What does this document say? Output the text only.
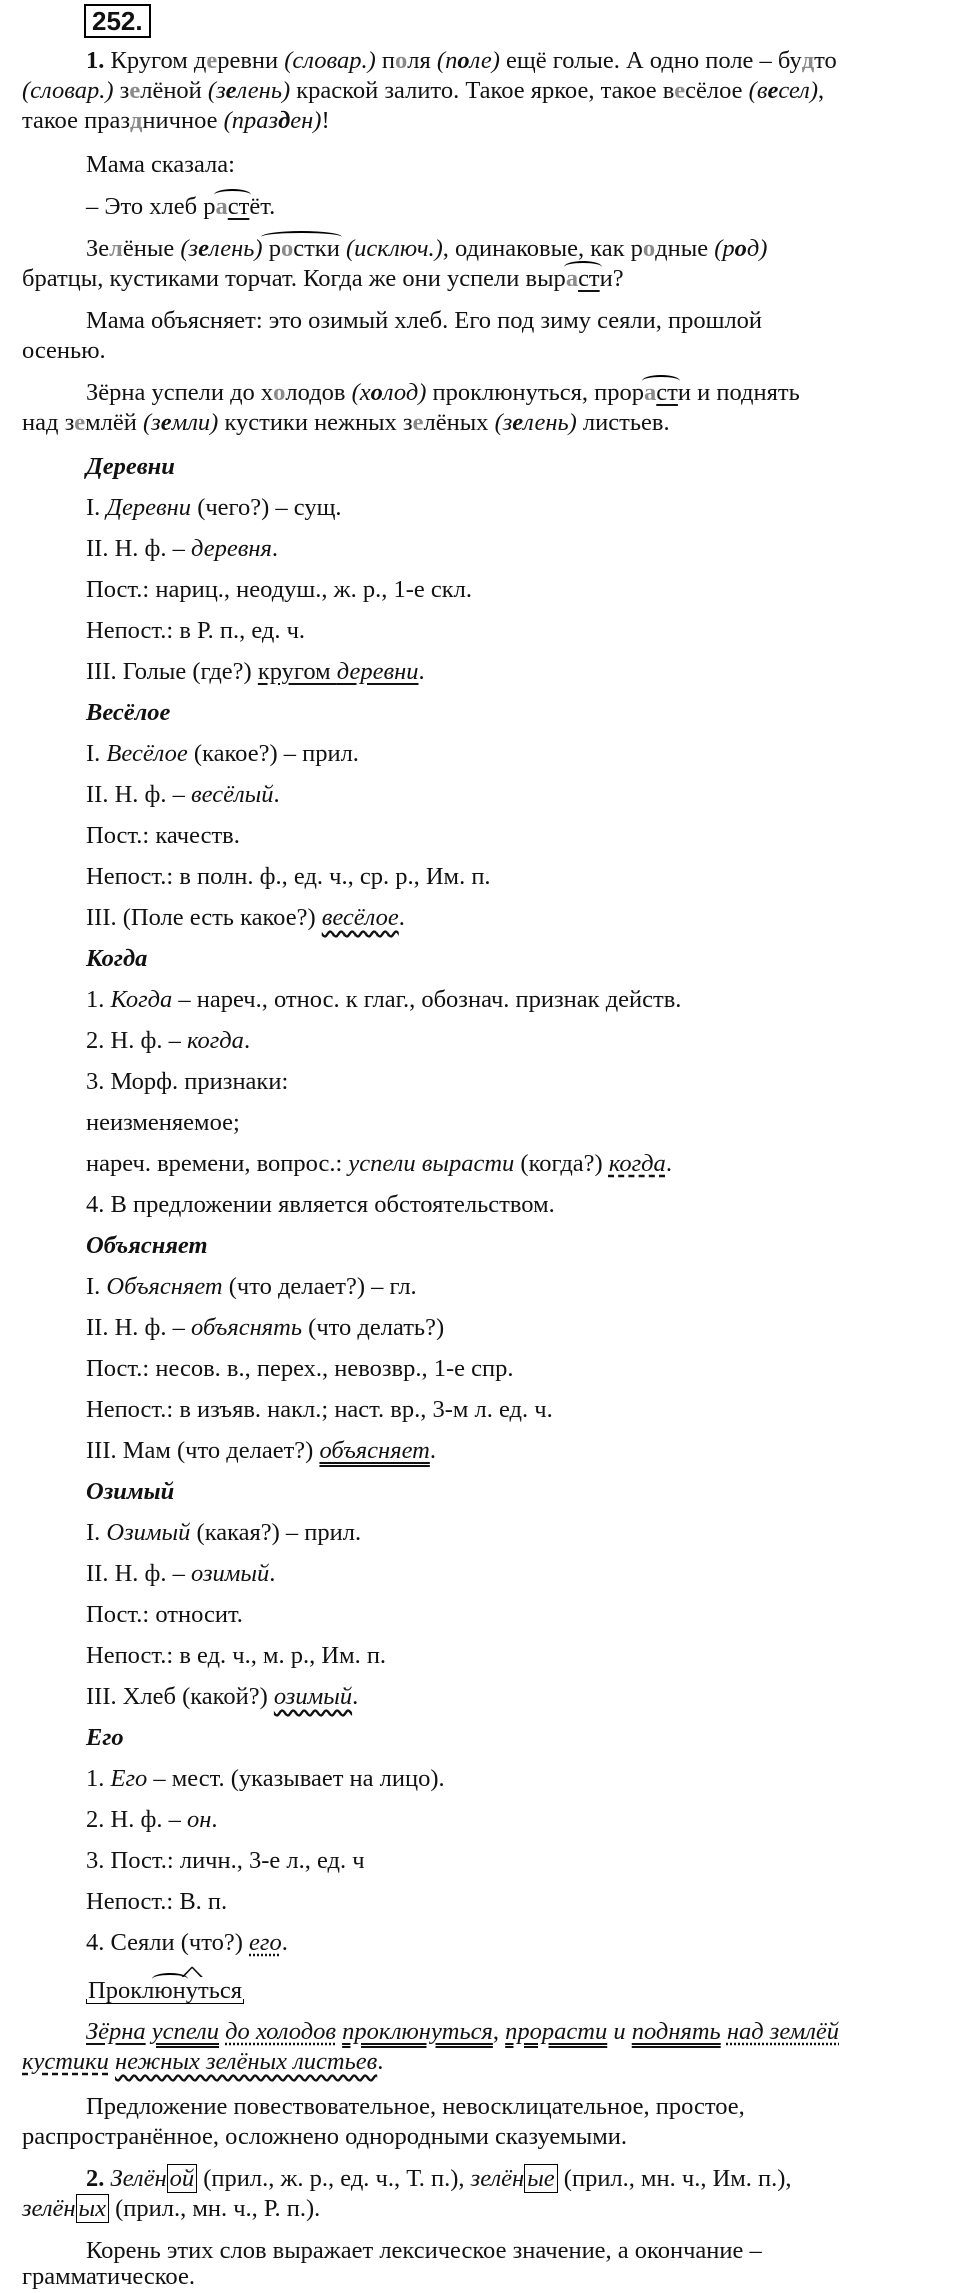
252.
1. Кругом деревни (словар.) поля (поле) ещё голые. А одно поле – будто
(словар.) зелёной (зелень) краской залито. Такое яркое, такое весёлое (весел),
такое праздничное (празден)!
Мама сказала:
– Это хлеб растёт.
Зелёные (зелень) ростки (исключ.), одинаковые, как родные (род)
братцы, кустиками торчат. Когда же они успели вырасти?
Мама объясняет: это озимый хлеб. Его под зиму сеяли, прошлой
осенью.
Зёрна успели до холодов (холод) проклюнуться, прорасти и поднять
над землёй (земли) кустики нежных зелёных (зелень) листьев.
Деревни
I. Деревни (чего?) – сущ.
II. Н. ф. – деревня.
Пост.: нариц., неодуш., ж. р., 1-е скл.
Непост.: в Р. п., ед. ч.
III. Голые (где?) кругом деревни.
Весёлое
I. Весёлое (какое?) – прил.
II. Н. ф. – весёлый.
Пост.: качеств.
Непост.: в полн. ф., ед. ч., ср. р., Им. п.
III. (Поле есть какое?) весёлое.
Когда
1. Когда – нареч., относ. к глаг., обознач. признак действ.
2. Н. ф. – когда.
3. Морф. признаки:
неизменяемое;
нареч. времени, вопрос.: успели вырасти (когда?) когда.
4. В предложении является обстоятельством.
Объясняет
I. Объясняет (что делает?) – гл.
II. Н. ф. – объяснять (что делать?)
Пост.: несов. в., перех., невозвр., 1-е спр.
Непост.: в изъяв. накл.; наст. вр., 3-м л. ед. ч.
III. Мам (что делает?) объясняет.
Озимый
I. Озимый (какая?) – прил.
II. Н. ф. – озимый.
Пост.: относит.
Непост.: в ед. ч., м. р., Им. п.
III. Хлеб (какой?) озимый.
Его
1. Его – мест. (указывает на лицо).
2. Н. ф. – он.
3. Пост.: личн., 3-е л., ед. ч
Непост.: В. п.
4. Сеяли (что?) его.
Проклюн^ уться
Зёрна успели до холодов проклюнуться, прорасти и поднять над землёй
кустики нежных зелёных листьев.
Предложение повествовательное, невосклицательное, простое,
распространённое, осложнено однородными сказуемыми.
2. Зелён ой (прил., ж. р., ед. ч., Т. п.), зелён ые (прил., мн. ч., Им. п.),
зелён ых (прил., мн. ч., Р. п.).
Корень этих слов выражает лексическое значение, а окончание –
грамматическое.
